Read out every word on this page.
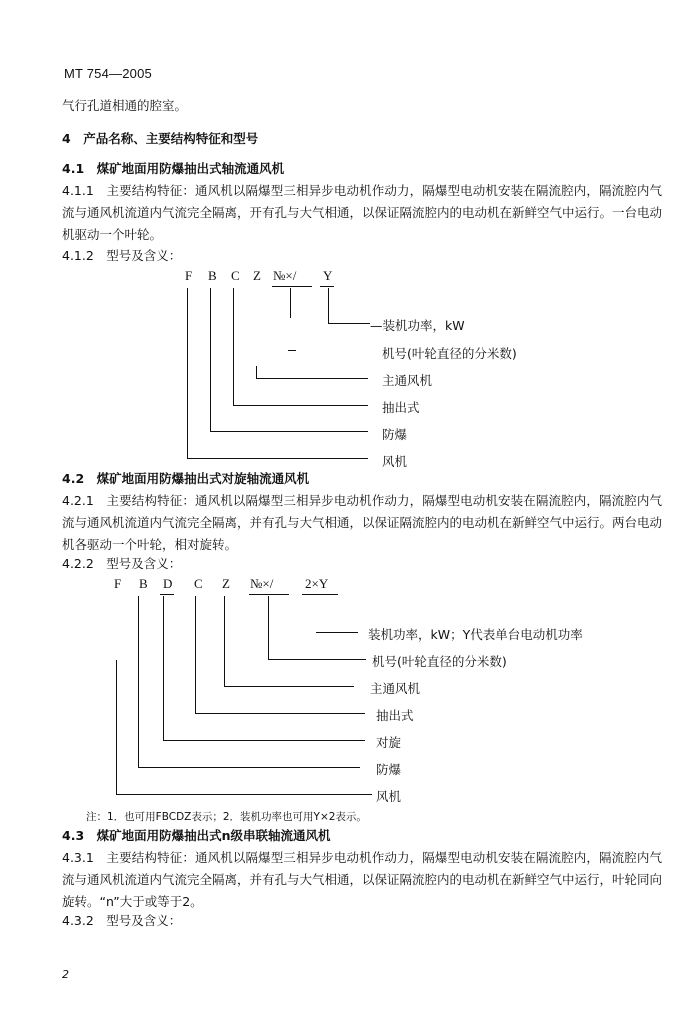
MT 754—2005
气行孔道相通的腔室。
4　产品名称、主要结构特征和型号
4.1　煤矿地面用防爆抽出式轴流通风机
4.1.1　主要结构特征：通风机以隔爆型三相异步电动机作动力，隔爆型电动机安装在隔流腔内，隔流腔内气流与通风机流道内气流完全隔离，开有孔与大气相通，以保证隔流腔内的电动机在新鲜空气中运行。一台电动机驱动一个叶轮。
4.1.2　型号及含义：
F B C Z №×/ Y
—装机功率，kW
机号(叶轮直径的分米数)
主通风机
抽出式
防爆
风机
4.2　煤矿地面用防爆抽出式对旋轴流通风机
4.2.1　主要结构特征：通风机以隔爆型三相异步电动机作动力，隔爆型电动机安装在隔流腔内，隔流腔内气流与通风机流道内气流完全隔离，并有孔与大气相通，以保证隔流腔内的电动机在新鲜空气中运行。两台电动机各驱动一个叶轮，相对旋转。
4.2.2　型号及含义：
F B D C Z №×/ 2×Y
装机功率，kW；Y代表单台电动机功率
机号(叶轮直径的分米数)
主通风机
抽出式
对旋
防爆
风机
注：1．也可用FBCDZ表示；2．装机功率也可用Y×2表示。
4.3　煤矿地面用防爆抽出式n级串联轴流通风机
4.3.1　主要结构特征：通风机以隔爆型三相异步电动机作动力，隔爆型电动机安装在隔流腔内，隔流腔内气流与通风机流道内气流完全隔离，并有孔与大气相通，以保证隔流腔内的电动机在新鲜空气中运行，叶轮同向旋转。“n”大于或等于2。
4.3.2　型号及含义：
2
